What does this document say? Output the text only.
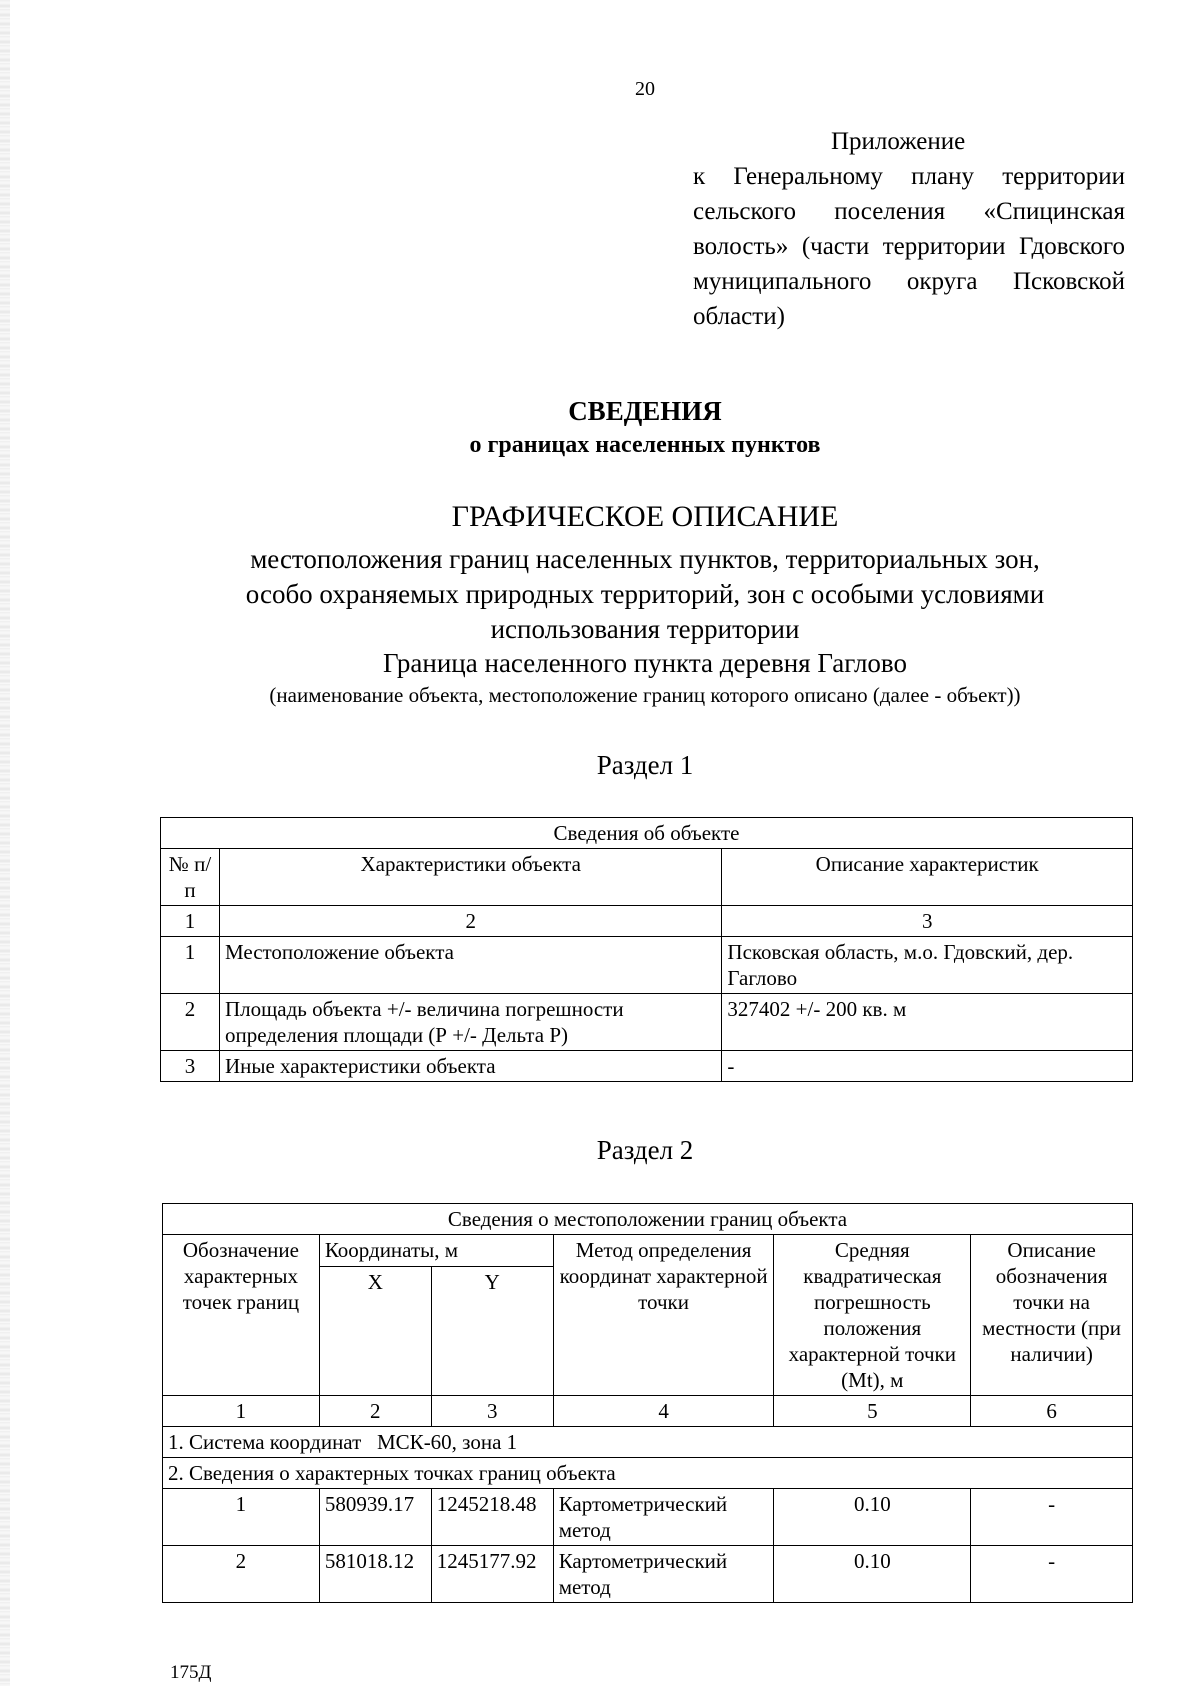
20
Приложение
к Генеральному плану территории сельского поселения «Спицинская волость» (части территории Гдовского муниципального округа Псковской области)
СВЕДЕНИЯ
о границах населенных пунктов
ГРАФИЧЕСКОЕ ОПИСАНИЕ
местоположения границ населенных пунктов, территориальных зон,
особо охраняемых природных территорий, зон с особыми условиями
использования территории
Граница населенного пункта деревня Гаглово
(наименование объекта, местоположение границ которого описано (далее - объект))
Раздел 1
Сведения об объекте		
№ п/п	Характеристики объекта	Описание характеристик
1	2	3
1	Местоположение объекта	Псковская область, м.о. Гдовский, дер. Гаглово
2	Площадь объекта +/- величина погрешности определения площади (Р +/- Дельта Р)	327402 +/- 200 кв. м
3	Иные характеристики объекта	-
Раздел 2
Сведения о местоположении границ объекта					
Обозначение характерных точек границ	Координаты, м		Метод определения координат характерной точки	Средняя квадратическая погрешность положения характерной точки (Mt), м	Описание обозначения точки на местности (при наличии)
	X	Y			
1	2	3	4	5	6
1. Система координат   МСК-60, зона 1					
2. Сведения о характерных точках границ объекта					
1	580939.17	1245218.48	Картометрический метод	0.10	-
2	581018.12	1245177.92	Картометрический метод	0.10	-
175Д
